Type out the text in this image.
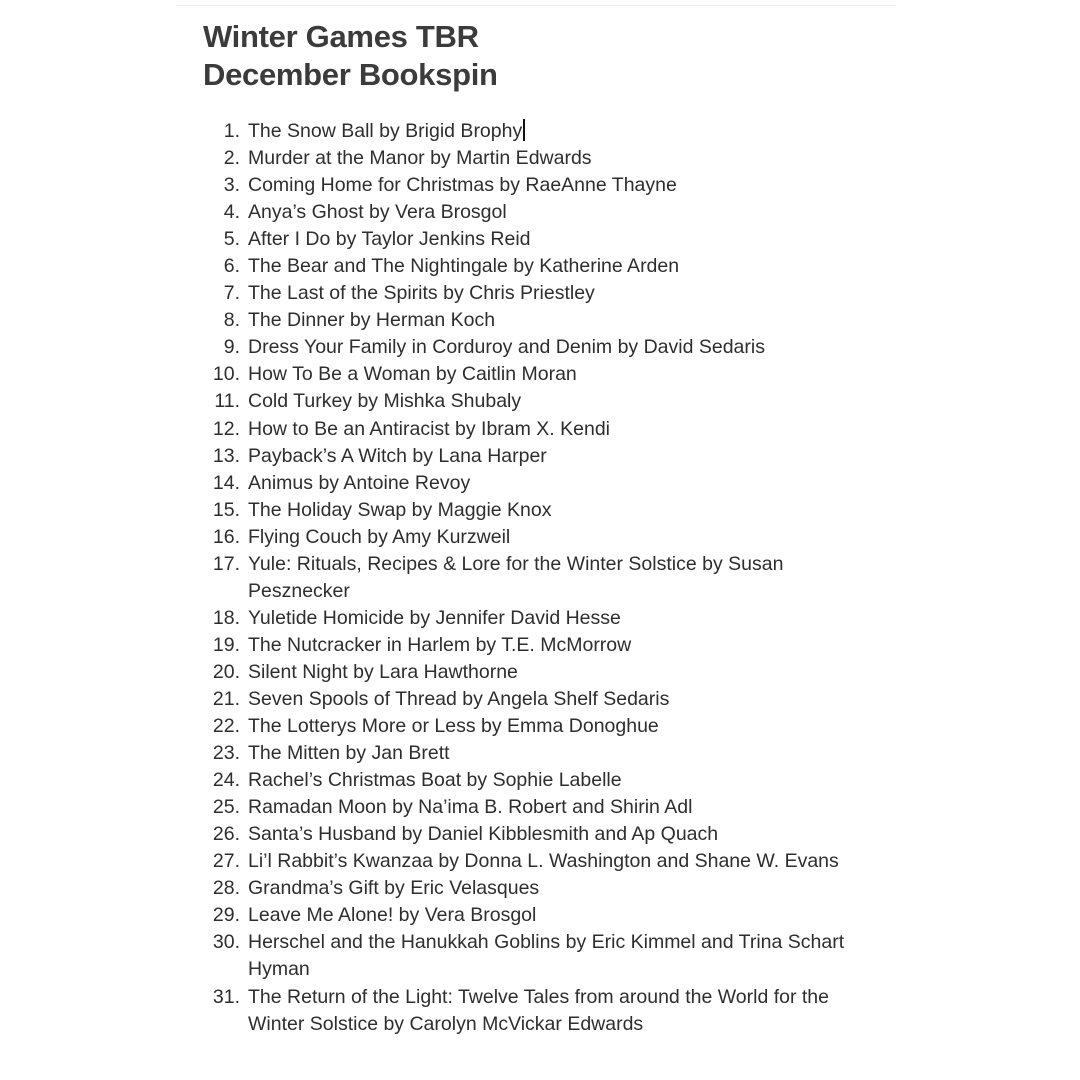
Winter Games TBR
December Bookspin
1. The Snow Ball by Brigid Brophy
2. Murder at the Manor by Martin Edwards
3. Coming Home for Christmas by RaeAnne Thayne
4. Anya’s Ghost by Vera Brosgol
5. After I Do by Taylor Jenkins Reid
6. The Bear and The Nightingale by Katherine Arden
7. The Last of the Spirits by Chris Priestley
8. The Dinner by Herman Koch
9. Dress Your Family in Corduroy and Denim by David Sedaris
10. How To Be a Woman by Caitlin Moran
11. Cold Turkey by Mishka Shubaly
12. How to Be an Antiracist by Ibram X. Kendi
13. Payback’s A Witch by Lana Harper
14. Animus by Antoine Revoy
15. The Holiday Swap by Maggie Knox
16. Flying Couch by Amy Kurzweil
17. Yule: Rituals, Recipes & Lore for the Winter Solstice by Susan Pesznecker
18. Yuletide Homicide by Jennifer David Hesse
19. The Nutcracker in Harlem by T.E. McMorrow
20. Silent Night by Lara Hawthorne
21. Seven Spools of Thread by Angela Shelf Sedaris
22. The Lotterys More or Less by Emma Donoghue
23. The Mitten by Jan Brett
24. Rachel’s Christmas Boat by Sophie Labelle
25. Ramadan Moon by Na’ima B. Robert and Shirin Adl
26. Santa’s Husband by Daniel Kibblesmith and Ap Quach
27. Li’l Rabbit’s Kwanzaa by Donna L. Washington and Shane W. Evans
28. Grandma’s Gift by Eric Velasques
29. Leave Me Alone! by Vera Brosgol
30. Herschel and the Hanukkah Goblins by Eric Kimmel and Trina Schart Hyman
31. The Return of the Light: Twelve Tales from around the World for the Winter Solstice by Carolyn McVickar Edwards
